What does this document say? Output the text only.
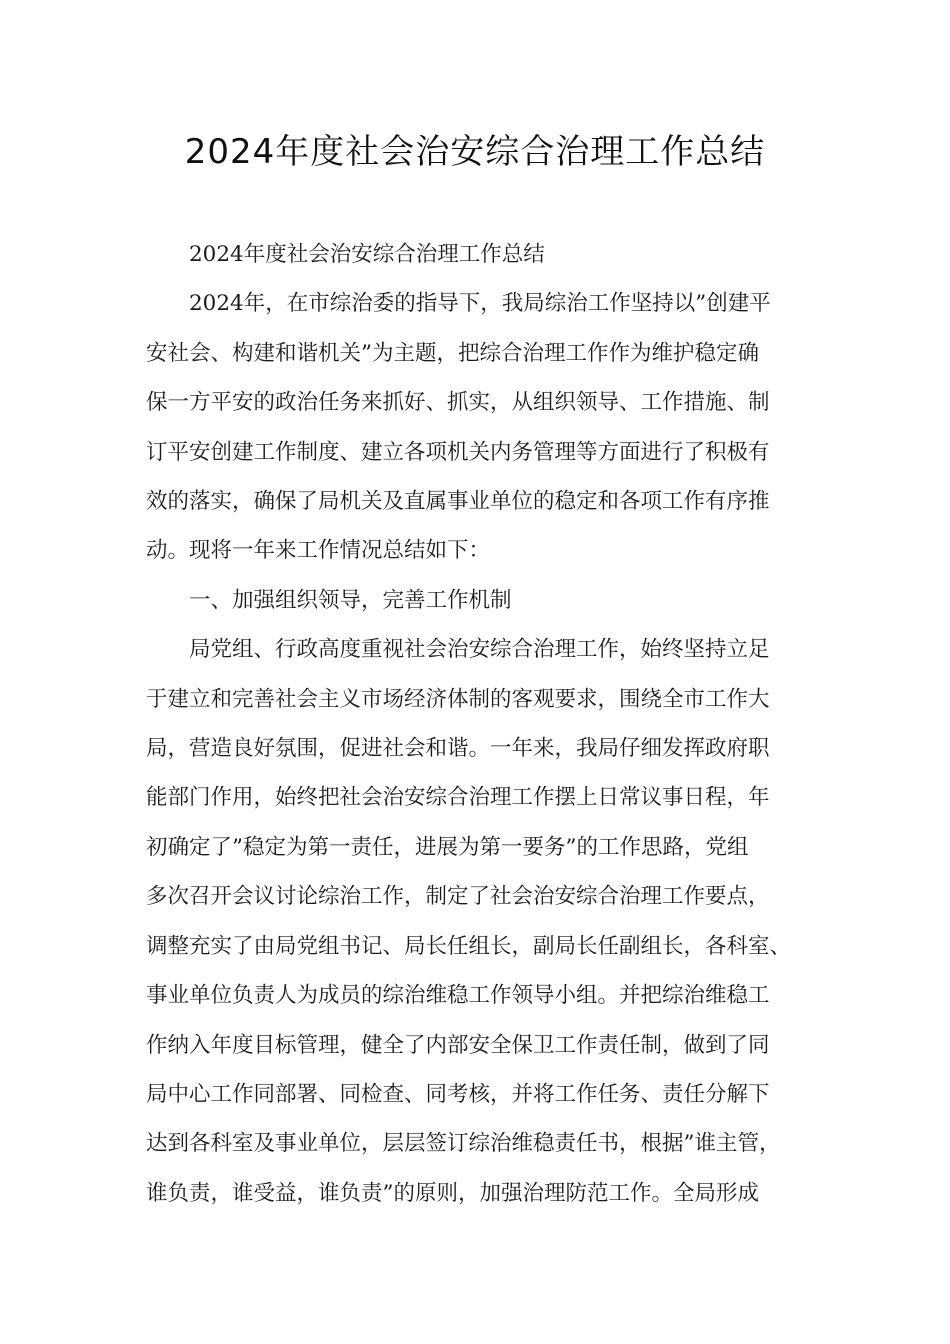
2024年度社会治安综合治理工作总结
2024年度社会治安综合治理工作总结
2024年，在市综治委的指导下，我局综治工作坚持以”创建平
安社会、构建和谐机关”为主题，把综合治理工作作为维护稳定确
保一方平安的政治任务来抓好、抓实，从组织领导、工作措施、制
订平安创建工作制度、建立各项机关内务管理等方面进行了积极有
效的落实，确保了局机关及直属事业单位的稳定和各项工作有序推
动。现将一年来工作情况总结如下：
一、加强组织领导，完善工作机制
局党组、行政高度重视社会治安综合治理工作，始终坚持立足
于建立和完善社会主义市场经济体制的客观要求，围绕全市工作大
局，营造良好氛围，促进社会和谐。一年来，我局仔细发挥政府职
能部门作用，始终把社会治安综合治理工作摆上日常议事日程，年
初确定了”稳定为第一责任，进展为第一要务”的工作思路，党组
多次召开会议讨论综治工作，制定了社会治安综合治理工作要点，
调整充实了由局党组书记、局长任组长，副局长任副组长，各科室、
事业单位负责人为成员的综治维稳工作领导小组。并把综治维稳工
作纳入年度目标管理，健全了内部安全保卫工作责任制，做到了同
局中心工作同部署、同检查、同考核，并将工作任务、责任分解下
达到各科室及事业单位，层层签订综治维稳责任书，根据”谁主管，
谁负责，谁受益，谁负责”的原则，加强治理防范工作。全局形成
